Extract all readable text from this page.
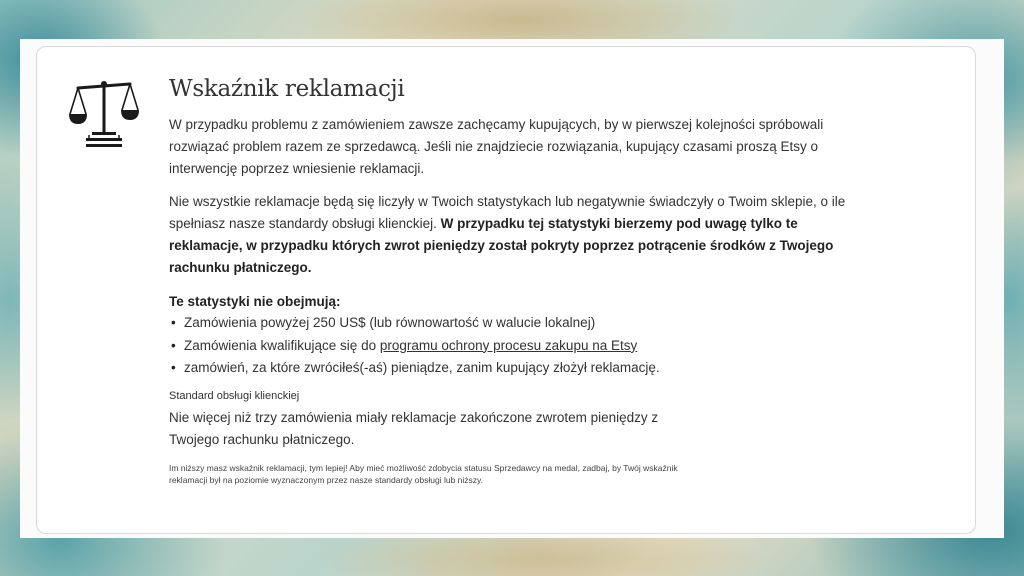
Wskaźnik reklamacji

W przypadku problemu z zamówieniem zawsze zachęcamy kupujących, by w pierwszej kolejności spróbowali rozwiązać problem razem ze sprzedawcą. Jeśli nie znajdziecie rozwiązania, kupujący czasami proszą Etsy o interwencję poprzez wniesienie reklamacji.

Nie wszystkie reklamacje będą się liczyły w Twoich statystykach lub negatywnie świadczyły o Twoim sklepie, o ile spełniasz nasze standardy obsługi klienckiej. W przypadku tej statystyki bierzemy pod uwagę tylko te reklamacje, w przypadku których zwrot pieniędzy został pokryty poprzez potrącenie środków z Twojego rachunku płatniczego.

Te statystyki nie obejmują:
• Zamówienia powyżej 250 US$ (lub równowartość w walucie lokalnej)
• Zamówienia kwalifikujące się do programu ochrony procesu zakupu na Etsy
• zamówień, za które zwróciłeś(-aś) pieniądze, zanim kupujący złożył reklamację.
Standard obsługi klienckiej

Nie więcej niż trzy zamówienia miały reklamacje zakończone zwrotem pieniędzy z Twojego rachunku płatniczego.

Im niższy masz wskaźnik reklamacji, tym lepiej! Aby mieć możliwość zdobycia statusu Sprzedawcy na medal, zadbaj, by Twój wskaźnik reklamacji był na poziomie wyznaczonym przez nasze standardy obsługi lub niższy.
